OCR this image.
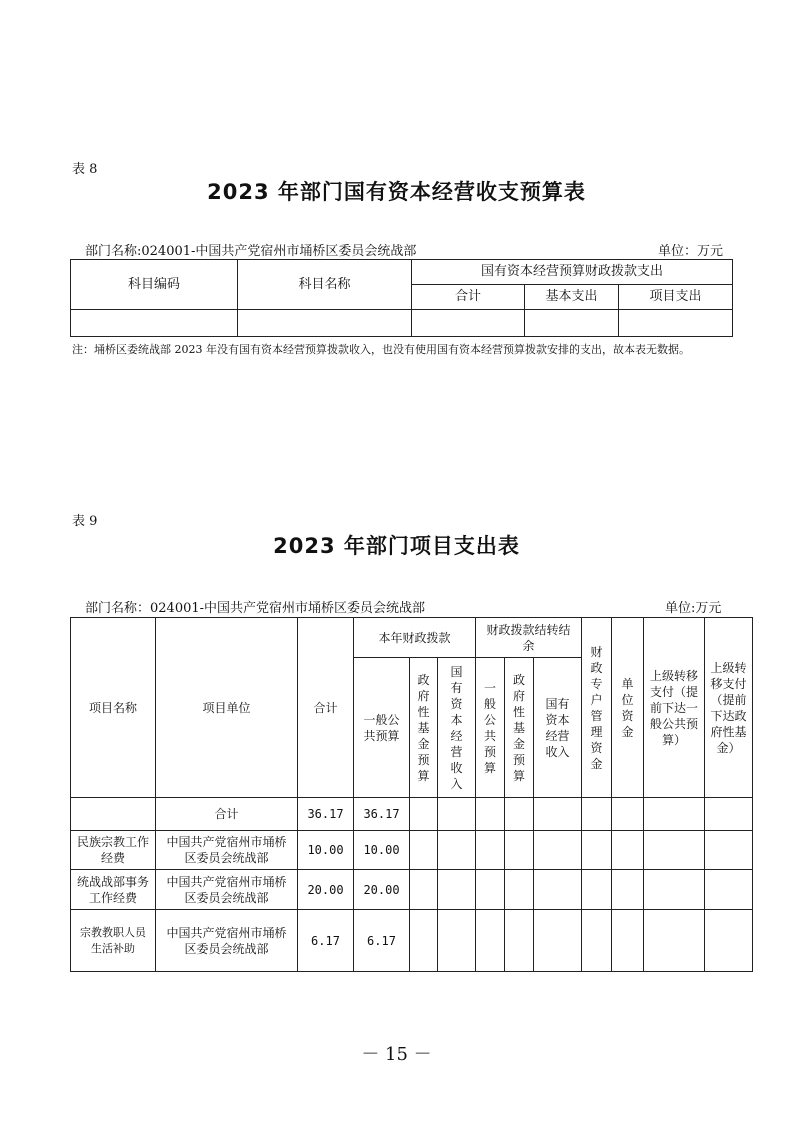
表 8
2023 年部门国有资本经营收支预算表
部门名称:024001-中国共产党宿州市埇桥区委员会统战部	单位：万元
科目编码	科目名称	国有资本经营预算财政拨款支出		
		合计	基本支出	项目支出

注：埇桥区委统战部 2023 年没有国有资本经营预算拨款收入，也没有使用国有资本经营预算拨款安排的支出，故本表无数据。
表 9
2023 年部门项目支出表
部门名称：024001-中国共产党宿州市埇桥区委员会统战部	单位:万元
项目名称	项目单位	合计	本年财政拨款			财政拨款结转结余			财政专户管理资金	单位资金	上级转移支付（提前下达一般公共预算）	上级转移支付（提前下达政府性基金）
			一般公共预算	政府性基金预算	国有资本经营收入	一般公共预算	政府性基金预算	国有资本经营收入				
	合计	36.17	36.17									
民族宗教工作经费	中国共产党宿州市埇桥区委员会统战部	10.00	10.00									
统战战部事务工作经费	中国共产党宿州市埇桥区委员会统战部	20.00	20.00									
宗教教职人员生活补助	中国共产党宿州市埇桥区委员会统战部	6.17	6.17									
－ 15 －
